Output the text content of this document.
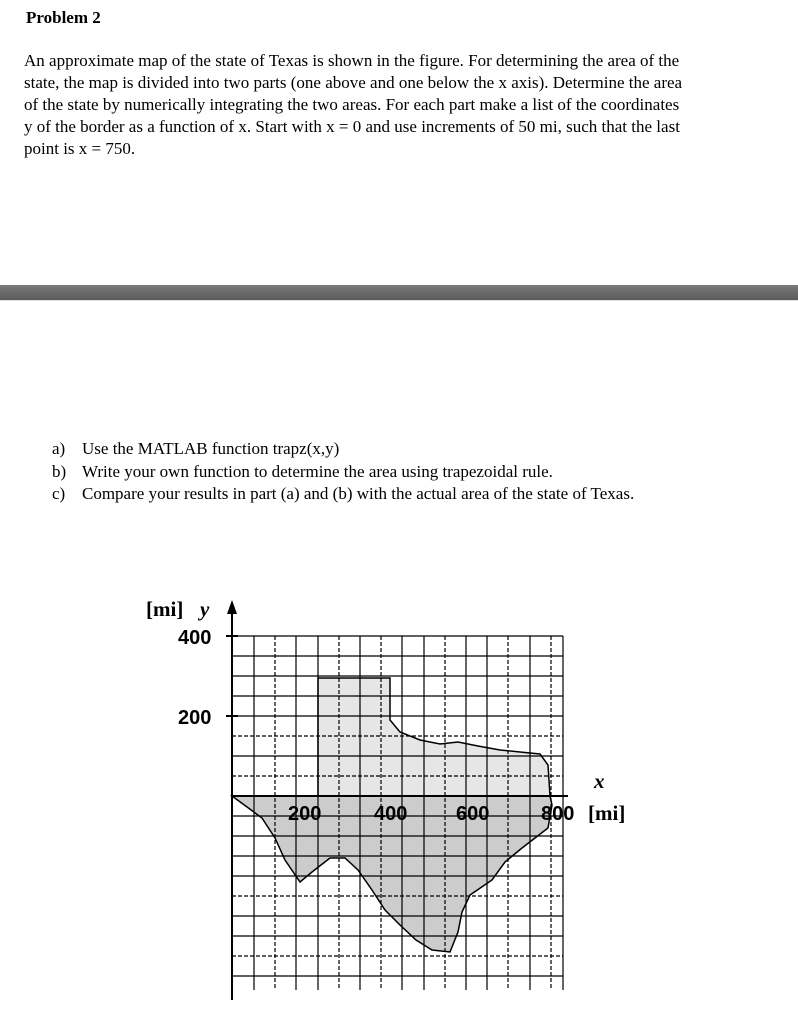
Problem 2

An approximate map of the state of Texas is shown in the figure. For determining the area of the
state, the map is divided into two parts (one above and one below the x axis). Determine the area
of the state by numerically integrating the two areas. For each part make a list of the coordinates
y of the border as a function of x. Start with x = 0 and use increments of 50 mi, such that the last
point is x = 750.

a) Use the MATLAB function trapz(x,y)
b) Write your own function to determine the area using trapezoidal rule.
c) Compare your results in part (a) and (b) with the actual area of the state of Texas.
[mi] y
400
200
x
200	400 600	800 [mi]
